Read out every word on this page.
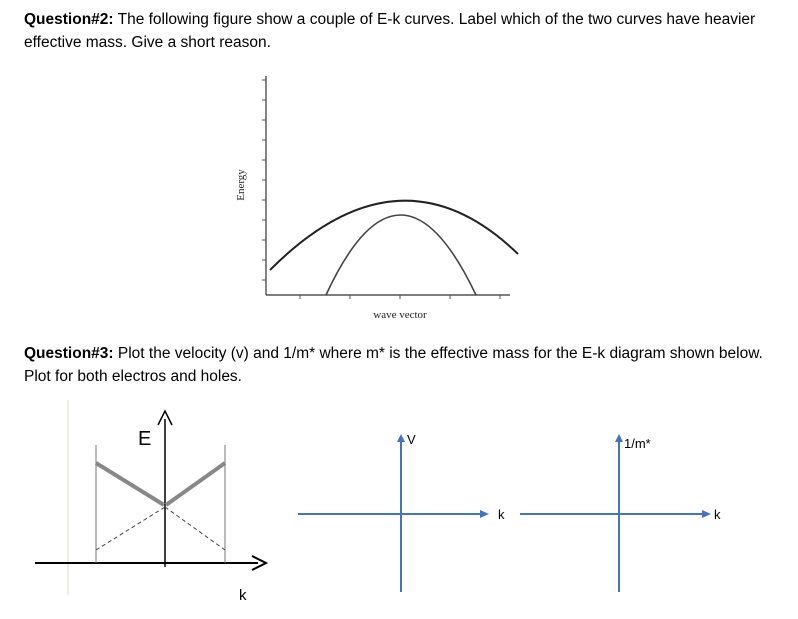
Question#2: The following figure show a couple of E-k curves. Label which of the two curves have heavier effective mass. Give a short reason.
Energy
wave vector
Question#3: Plot the velocity (v) and 1/m* where m* is the effective mass for the E-k diagram shown below. Plot for both electros and holes.
E
k
V
k
1/m*
k
